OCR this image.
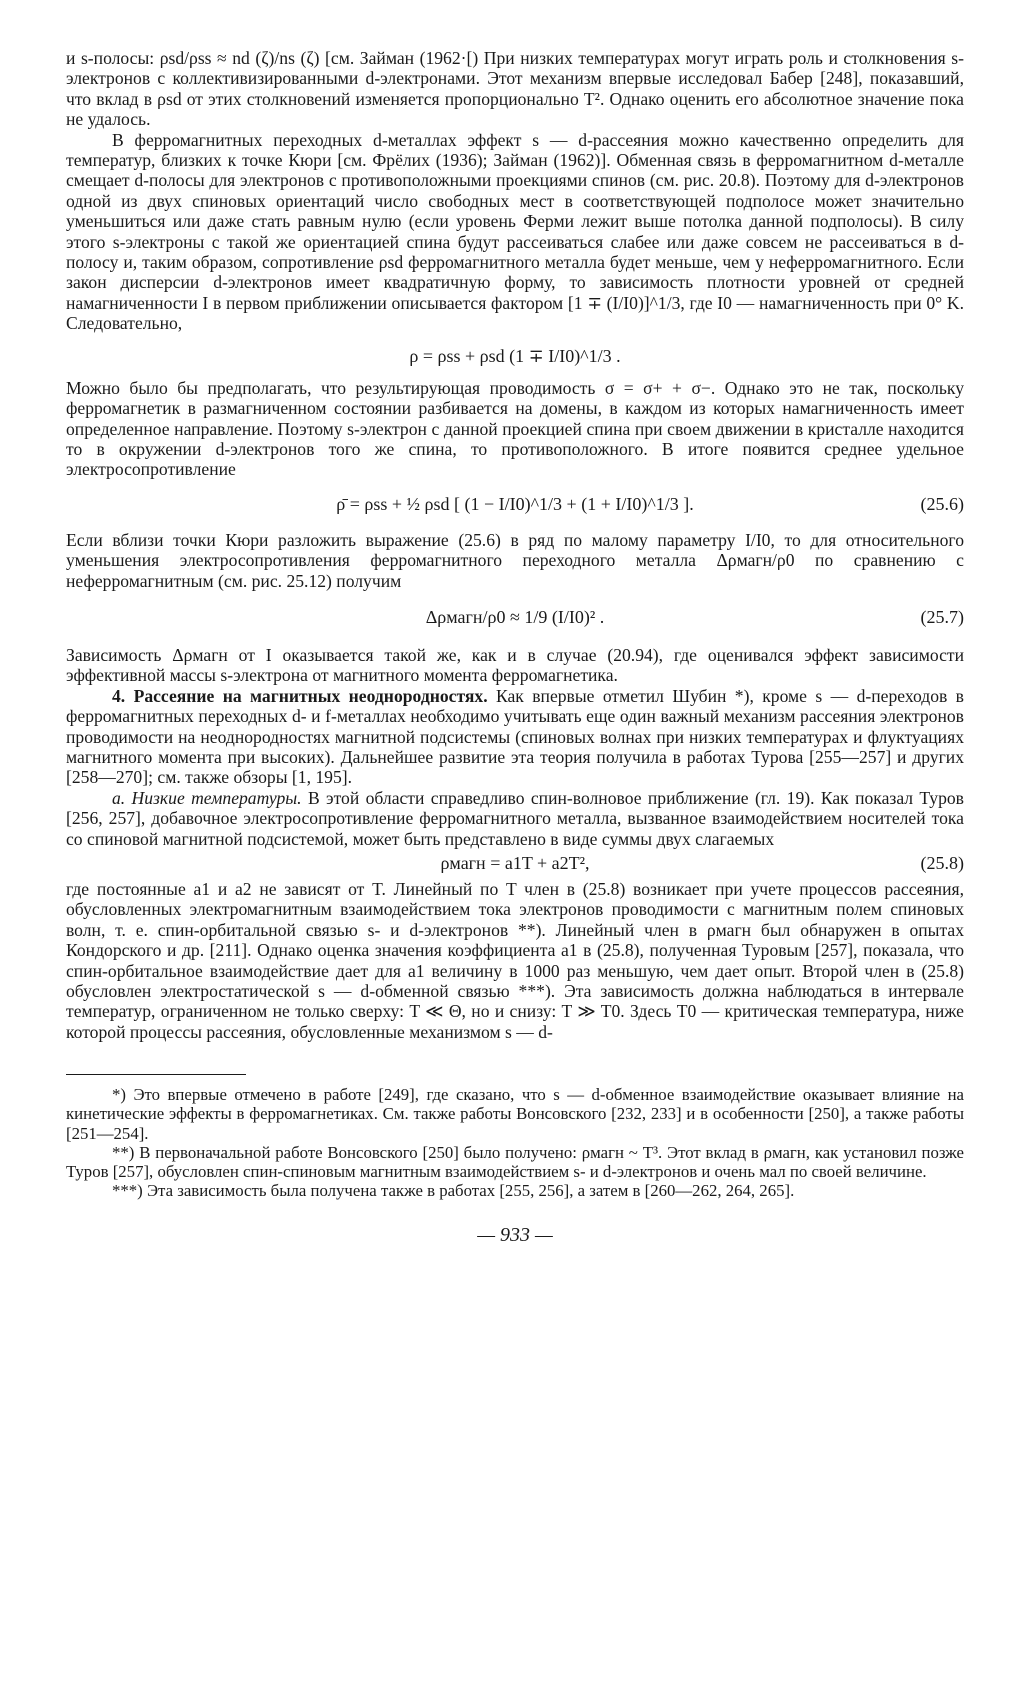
и s-полосы: ρsd/ρss ≈ nd (ζ)/ns (ζ) [см. Займан (1962·[) При низких температурах могут играть роль и столкновения s-электронов с коллективизированными d-электронами. Этот механизм впервые исследовал Бабер [248], показавший, что вклад в ρsd от этих столкновений изменяется пропорционально T². Однако оценить его абсолютное значение пока не удалось.

В ферромагнитных переходных d-металлах эффект s — d-рассеяния можно качественно определить для температур, близких к точке Кюри [см. Фрёлих (1936); Займан (1962)]. Обменная связь в ферромагнитном d-металле смещает d-полосы для электронов с противоположными проекциями спинов (см. рис. 20.8). Поэтому для d-электронов одной из двух спиновых ориентаций число свободных мест в соответствующей подполосе может значительно уменьшиться или даже стать равным нулю (если уровень Ферми лежит выше потолка данной подполосы). В силу этого s-электроны с такой же ориентацией спина будут рассеиваться слабее или даже совсем не рассеиваться в d-полосу и, таким образом, сопротивление ρsd ферромагнитного металла будет меньше, чем у неферромагнитного. Если закон дисперсии d-электронов имеет квадратичную форму, то зависимость плотности уровней от средней намагниченности I в первом приближении описывается фактором [1 ∓ (I/I0)]^1/3, где I0 — намагниченность при 0° K. Следовательно,

ρ = ρss + ρsd (1 ∓ I/I0)^1/3 .

Можно было бы предполагать, что результирующая проводимость σ = σ+ + σ−. Однако это не так, поскольку ферромагнетик в размагниченном состоянии разбивается на домены, в каждом из которых намагниченность имеет определенное направление. Поэтому s-электрон с данной проекцией спина при своем движении в кристалле находится то в окружении d-электронов того же спина, то противоположного. В итоге появится среднее удельное электросопротивление

ρ̄ = ρss + ½ ρsd [ (1 − I/I0)^1/3 + (1 + I/I0)^1/3 ].	(25.6)

Если вблизи точки Кюри разложить выражение (25.6) в ряд по малому параметру I/I0, то для относительного уменьшения электросопротивления ферромагнитного переходного металла Δρмагн/ρ0 по сравнению с неферромагнитным (см. рис. 25.12) получим

Δρмагн/ρ0 ≈ 1/9 (I/I0)² .	(25.7)

Зависимость Δρмагн от I оказывается такой же, как и в случае (20.94), где оценивался эффект зависимости эффективной массы s-электрона от магнитного момента ферромагнетика.

4. Рассеяние на магнитных неоднородностях. Как впервые отметил Шубин *), кроме s — d-переходов в ферромагнитных переходных d- и f-металлах необходимо учитывать еще один важный механизм рассеяния электронов проводимости на неоднородностях магнитной подсистемы (спиновых волнах при низких температурах и флуктуациях магнитного момента при высоких). Дальнейшее развитие эта теория получила в работах Турова [255—257] и других [258—270]; см. также обзоры [1, 195].

а. Низкие температуры. В этой области справедливо спин-волновое приближение (гл. 19). Как показал Туров [256, 257], добавочное электросопротивление ферромагнитного металла, вызванное взаимодействием носителей тока со спиновой магнитной подсистемой, может быть представлено в виде суммы двух слагаемых

ρмагн = a1T + a2T²,	(25.8)

где постоянные a1 и a2 не зависят от T. Линейный по T член в (25.8) возникает при учете процессов рассеяния, обусловленных электромагнитным взаимодействием тока электронов проводимости с магнитным полем спиновых волн, т. е. спин-орбитальной связью s- и d-электронов **). Линейный член в ρмагн был обнаружен в опытах Кондорского и др. [211]. Однако оценка значения коэффициента a1 в (25.8), полученная Туровым [257], показала, что спин-орбитальное взаимодействие дает для a1 величину в 1000 раз меньшую, чем дает опыт. Второй член в (25.8) обусловлен электростатической s — d-обменной связью ***). Эта зависимость должна наблюдаться в интервале температур, ограниченном не только сверху: T ≪ Θ, но и снизу: T ≫ T0. Здесь T0 — критическая температура, ниже которой процессы рассеяния, обусловленные механизмом s — d-

*) Это впервые отмечено в работе [249], где сказано, что s — d-обменное взаимодействие оказывает влияние на кинетические эффекты в ферромагнетиках. См. также работы Вонсовского [232, 233] и в особенности [250], а также работы [251—254].

**) В первоначальной работе Вонсовского [250] было получено: ρмагн ~ T³. Этот вклад в ρмагн, как установил позже Туров [257], обусловлен спин-спиновым магнитным взаимодействием s- и d-электронов и очень мал по своей величине.

***) Эта зависимость была получена также в работах [255, 256], а затем в [260—262, 264, 265].

— 933 —
